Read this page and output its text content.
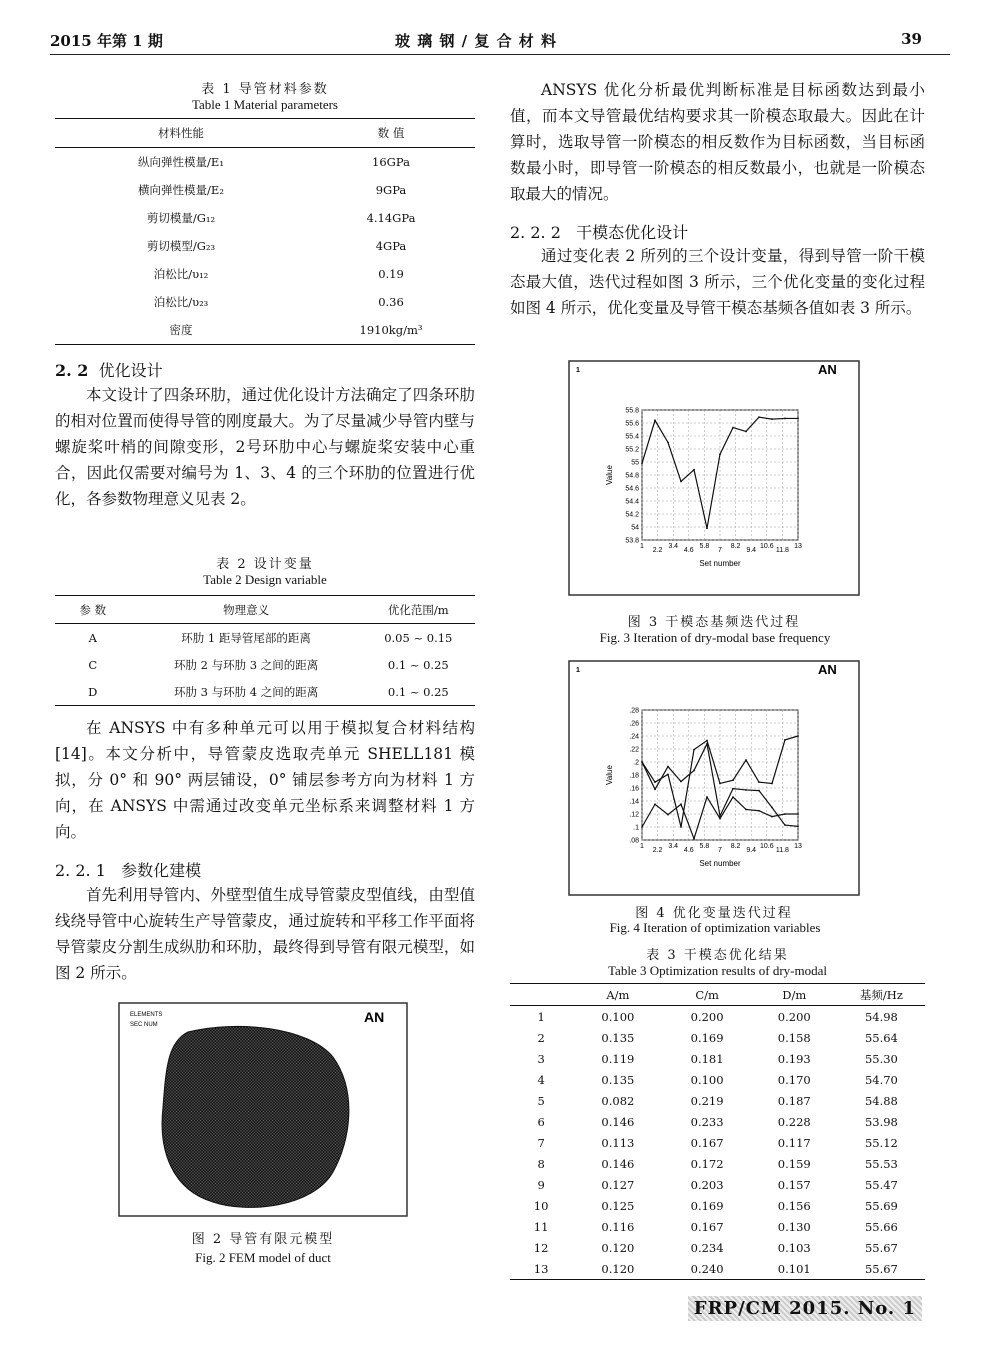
2015 年第 1 期	玻 璃 钢 / 复 合 材 料	39
表 1 导管材料参数
Table 1 Material parameters
材料性能	数 值
纵向弹性模量/E₁	16GPa
横向弹性模量/E₂	9GPa
剪切模量/G₁₂	4.14GPa
剪切模型/G₂₃	4GPa
泊松比/υ₁₂	0.19
泊松比/υ₂₃	0.36
密度	1910kg/m³
2. 2 优化设计

本文设计了四条环肋，通过优化设计方法确定了四条环肋的相对位置而使得导管的刚度最大。为了尽量减少导管内壁与螺旋桨叶梢的间隙变形，2号环肋中心与螺旋桨安装中心重合，因此仅需要对编号为 1、3、4 的三个环肋的位置进行优化，各参数物理意义见表 2。

表 2 设计变量
Table 2 Design variable
参 数	物理意义	优化范围/m
A	环肋 1 距导管尾部的距离	0.05 ~ 0.15
C	环肋 2 与环肋 3 之间的距离	0.1 ~ 0.25
D	环肋 3 与环肋 4 之间的距离	0.1 ~ 0.25

在 ANSYS 中有多种单元可以用于模拟复合材料结构[14]。本文分析中，导管蒙皮选取壳单元 SHELL181 模拟，分 0° 和 90° 两层铺设，0° 铺层参考方向为材料 1 方向，在 ANSYS 中需通过改变单元坐标系来调整材料 1 方向。

2. 2. 1 参数化建模

首先利用导管内、外壁型值生成导管蒙皮型值线，由型值线绕导管中心旋转生产导管蒙皮，通过旋转和平移工作平面将导管蒙皮分割生成纵肋和环肋，最终得到导管有限元模型，如图 2 所示。

ELEMENTS
SEC NUM	AN
图 2 导管有限元模型
Fig. 2 FEM model of duct

ANSYS 优化分析最优判断标准是目标函数达到最小值，而本文导管最优结构要求其一阶模态取最大。因此在计算时，选取导管一阶模态的相反数作为目标函数，当目标函数最小时，即导管一阶模态的相反数最小，也就是一阶模态取最大的情况。

2. 2. 2 干模态优化设计

通过变化表 2 所列的三个设计变量，得到导管一阶干模态最大值，迭代过程如图 3 所示，三个优化变量的变化过程如图 4 所示，优化变量及导管干模态基频各值如表 3 所示。

1	AN
55.8
55.6
55.4
55.2
55
54.8
54.6
54.4
54.2
54
53.8
1
2.2
3.4
4.6
5.8
7
8.2
9.4
10.6
11.8
13
Set number
Value
图 3 干模态基频迭代过程
Fig. 3 Iteration of dry-modal base frequency
1	AN
.28
.26
.24
.22
.2
.18
.16
.14
.12
.1
.08
1
2.2
3.4
4.6
5.8
7
8.2
9.4
10.6
11.8
13
Set number
Value
图 4 优化变量迭代过程
Fig. 4 Iteration of optimization variables
表 3 干模态优化结果
Table 3 Optimization results of dry-modal
	A/m	C/m	D/m	基频/Hz
1	0.100	0.200	0.200	54.98
2	0.135	0.169	0.158	55.64
3	0.119	0.181	0.193	55.30
4	0.135	0.100	0.170	54.70
5	0.082	0.219	0.187	54.88
6	0.146	0.233	0.228	53.98
7	0.113	0.167	0.117	55.12
8	0.146	0.172	0.159	55.53
9	0.127	0.203	0.157	55.47
10	0.125	0.169	0.156	55.69
11	0.116	0.167	0.130	55.66
12	0.120	0.234	0.103	55.67
13	0.120	0.240	0.101	55.67
FRP/CM 2015. No. 1
